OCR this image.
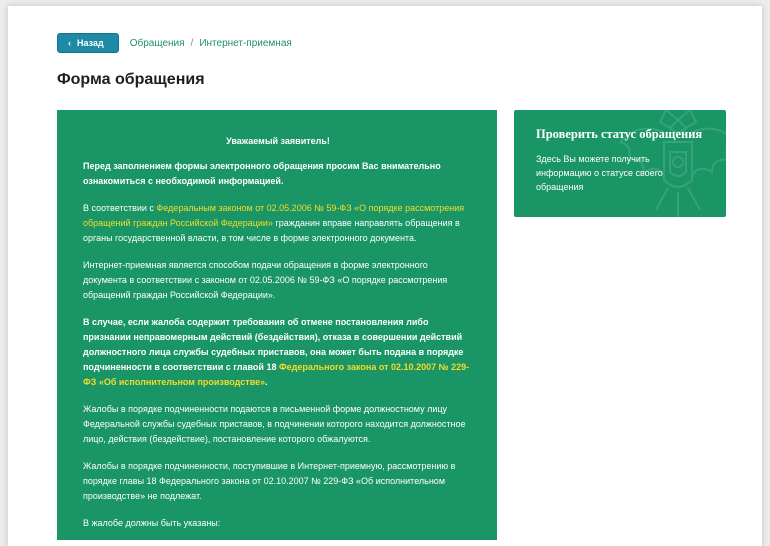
‹ Назад	Обращения / Интернет-приемная
Форма обращения

Уважаемый заявитель!

Перед заполнением формы электронного обращения просим Вас внимательно ознакомиться с необходимой информацией.

В соответствии с Федеральным законом от 02.05.2006 № 59-ФЗ «О порядке рассмотрения обращений граждан Российской Федерации» гражданин вправе направлять обращения в органы государственной власти, в том числе в форме электронного документа.

Интернет-приемная является способом подачи обращения в форме электронного документа в соответствии с законом от 02.05.2006 № 59-ФЗ «О порядке рассмотрения обращений граждан Российской Федерации».

В случае, если жалоба содержит требования об отмене постановления либо признании неправомерным действий (бездействия), отказа в совершении действий должностного лица службы судебных приставов, она может быть подана в порядке подчиненности в соответствии с главой 18 Федерального закона от 02.10.2007 № 229-ФЗ «Об исполнительном производстве».

Жалобы в порядке подчиненности подаются в письменной форме должностному лицу Федеральной службы судебных приставов, в подчинении которого находится должностное лицо, действия (бездействие), постановление которого обжалуются.

Жалобы в порядке подчиненности, поступившие в Интернет-приемную, рассмотрению в порядке главы 18 Федерального закона от 02.10.2007 № 229-ФЗ «Об исполнительном производстве» не подлежат.

В жалобе должны быть указаны:

Проверить статус обращения
Здесь Вы можете получить информацию о статусе своего обращения
